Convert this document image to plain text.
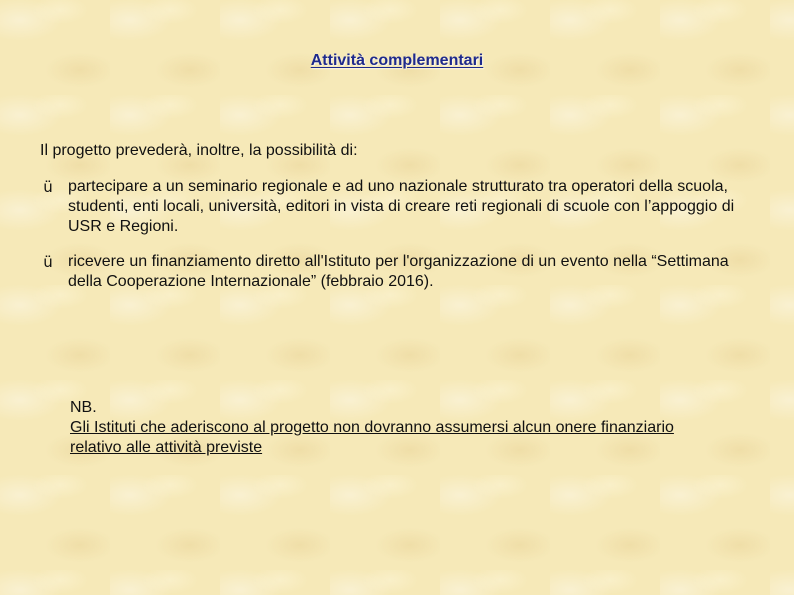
Attività complementari
Il progetto prevederà, inoltre, la possibilità di:
ü partecipare a un seminario regionale e ad uno nazionale strutturato tra operatori della scuola, studenti, enti locali, università, editori in vista di creare reti regionali di scuole con l’appoggio di USR e Regioni.
ü ricevere un finanziamento diretto all'Istituto per l'organizzazione di un evento nella “Settimana della Cooperazione Internazionale” (febbraio 2016).
NB.
Gli Istituti che aderiscono al progetto non dovranno assumersi alcun onere finanziario relativo alle attività previste
